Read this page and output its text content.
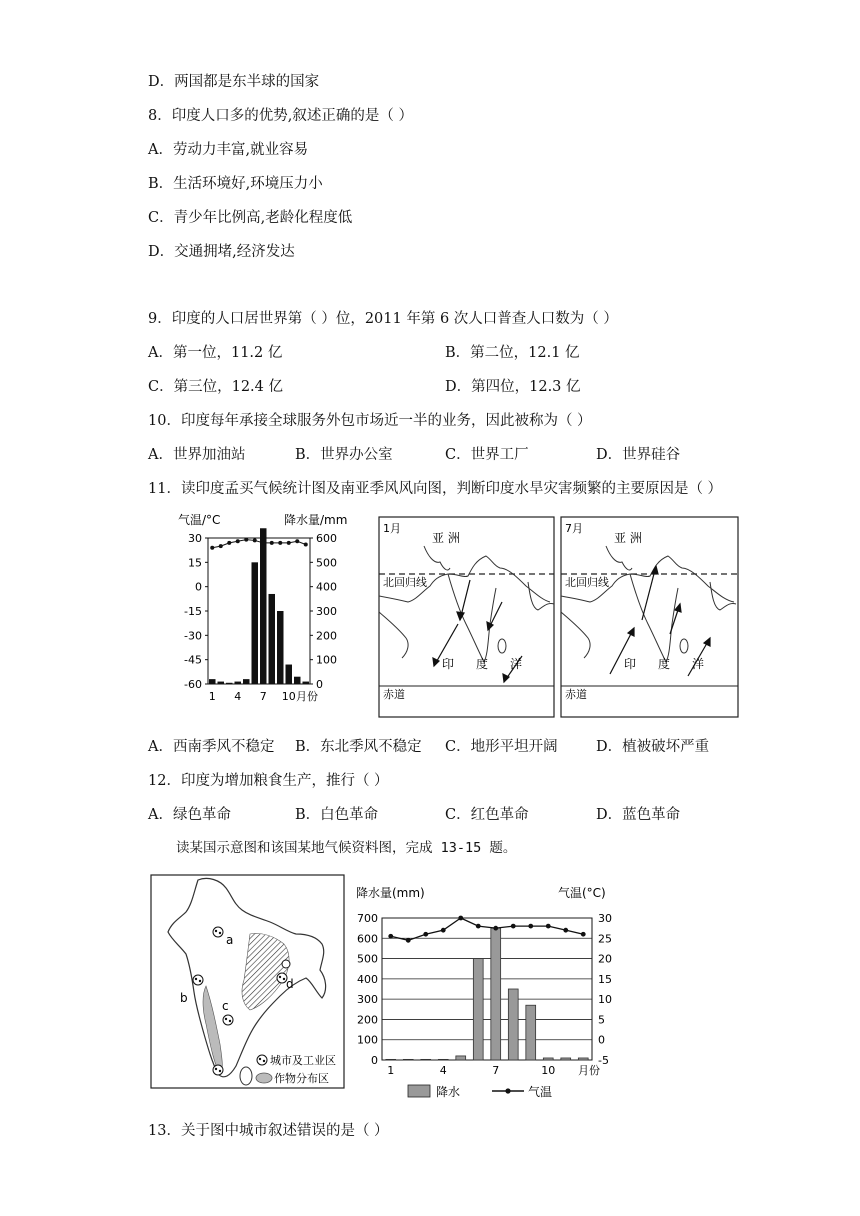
D．两国都是东半球的国家
8．印度人口多的优势,叙述正确的是（ ）
A．劳动力丰富,就业容易
B．生活环境好,环境压力小
C．青少年比例高,老龄化程度低
D．交通拥堵,经济发达
9．印度的人口居世界第（ ）位，2011 年第 6 次人口普查人口数为（ ）
A．第一位，11.2 亿	B．第二位，12.1 亿
C．第三位，12.4 亿	D．第四位，12.3 亿
10．印度每年承接全球服务外包市场近一半的业务，因此被称为（ ）
A．世界加油站	B．世界办公室	C．世界工厂	D．世界硅谷
11．读印度孟买气候统计图及南亚季风风向图，判断印度水旱灾害频繁的主要原因是（ ）
气温/°C	降水量/mm
30
15
0
-15
-30
-45
-60
600
500
400
300
200
100
0
1 4 7 10 月份
1月
亚 洲
北回归线
印 度 洋
赤道
7月
亚 洲
北回归线
印 度 洋
赤道
A．西南季风不稳定 B．东北季风不稳定 C．地形平坦开阔	D．植被破坏严重
12．印度为增加粮食生产，推行（ ）
A．绿色革命	B．白色革命	C．红色革命	D．蓝色革命
读某国示意图和该国某地气候资料图，完成 13-15 题。
a
b
c
d
城市及工业区
作物分布区
降水量(mm)	气温(°C)
700
600
500
400
300
200
100
0
30
25
20
15
10
5
0
-5
1	4	7	10 月份
降水	气温
13．关于图中城市叙述错误的是（ ）
